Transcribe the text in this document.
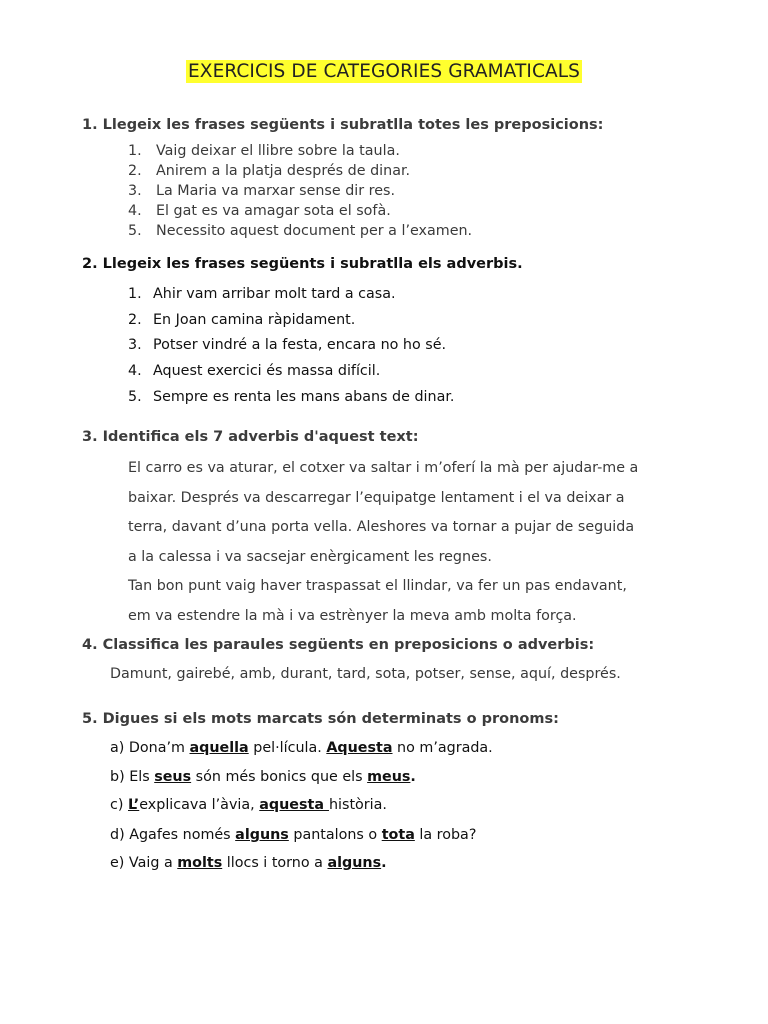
EXERCICIS DE CATEGORIES GRAMATICALS
1. Llegeix les frases següents i subratlla totes les preposicions:
1. Vaig deixar el llibre sobre la taula.
2. Anirem a la platja després de dinar.
3. La Maria va marxar sense dir res.
4. El gat es va amagar sota el sofà.
5. Necessito aquest document per a l’examen.
2. Llegeix les frases següents i subratlla els adverbis.
1. Ahir vam arribar molt tard a casa.
2. En Joan camina ràpidament.
3. Potser vindré a la festa, encara no ho sé.
4. Aquest exercici és massa difícil.
5. Sempre es renta les mans abans de dinar.
3. Identifica els 7 adverbis d'aquest text:
El carro es va aturar, el cotxer va saltar i m’oferí la mà per ajudar-me a
baixar. Després va descarregar l’equipatge lentament i el va deixar a
terra, davant d’una porta vella. Aleshores va tornar a pujar de seguida
a la calessa i va sacsejar enèrgicament les regnes.
Tan bon punt vaig haver traspassat el llindar, va fer un pas endavant,
em va estendre la mà i va estrènyer la meva amb molta força.
4. Classifica les paraules següents en preposicions o adverbis:
Damunt, gairebé, amb, durant, tard, sota, potser, sense, aquí, després.
5. Digues si els mots marcats són determinats o pronoms:
a) Dona’m aquella pel·lícula. Aquesta no m’agrada.
b) Els seus són més bonics que els meus.
c) L’explicava l’àvia, aquesta història.
d) Agafes només alguns pantalons o tota la roba?
e) Vaig a molts llocs i torno a alguns.
